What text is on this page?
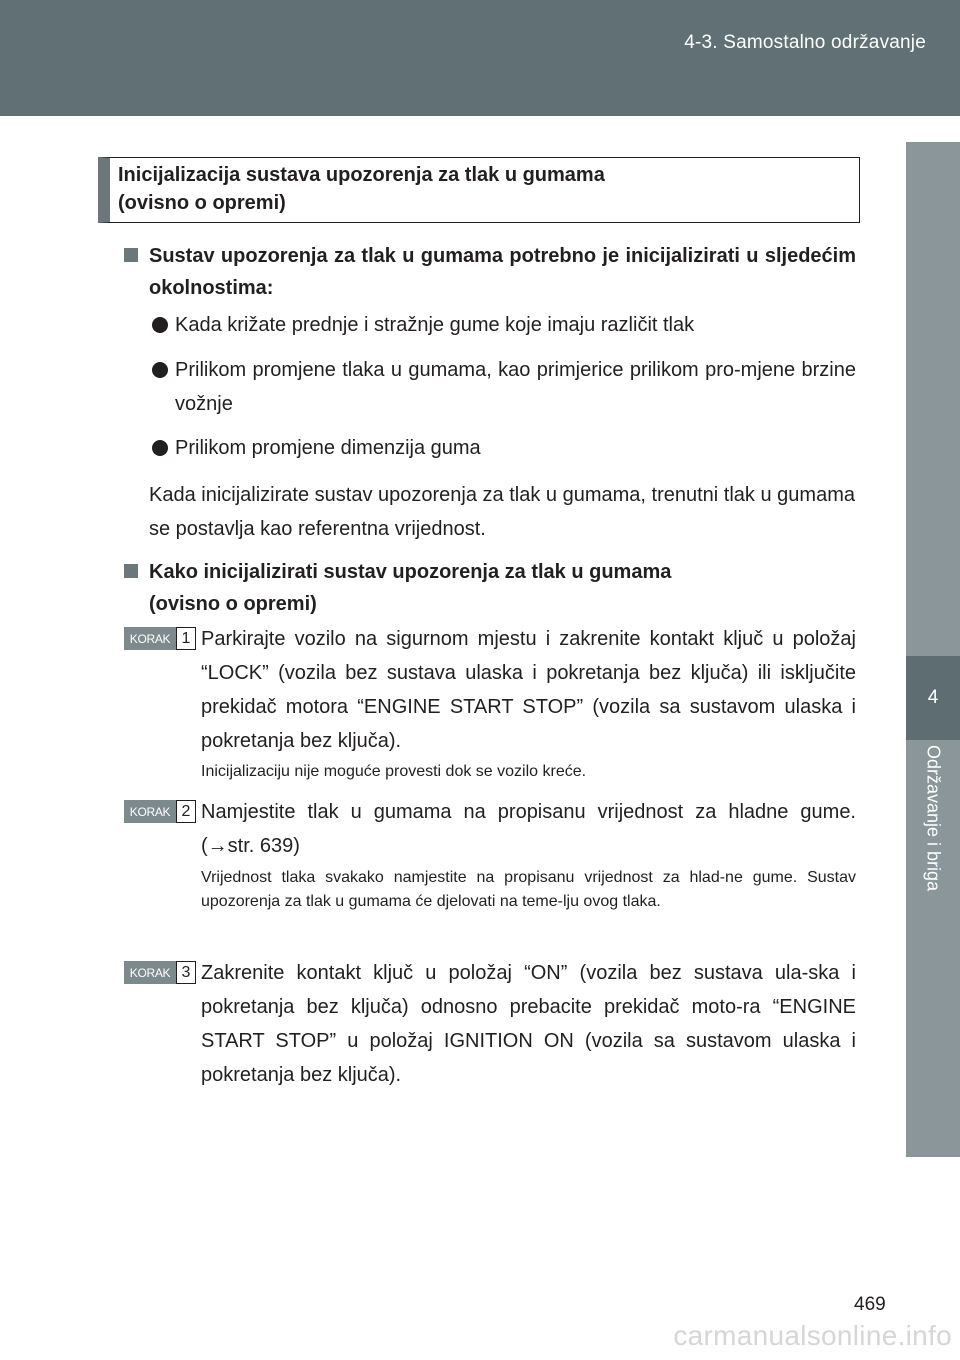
4-3. Samostalno održavanje
4
Održavanje i briga
Inicijalizacija sustava upozorenja za tlak u gumama
(ovisno o opremi)
Sustav upozorenja za tlak u gumama potrebno je inicijalizirati u sljedećim okolnostima:
Kada križate prednje i stražnje gume koje imaju različit tlak
Prilikom promjene tlaka u gumama, kao primjerice prilikom pro-mjene brzine vožnje
Prilikom promjene dimenzija guma
Kada inicijalizirate sustav upozorenja za tlak u gumama, trenutni tlak u gumama se postavlja kao referentna vrijednost.
Kako inicijalizirati sustav upozorenja za tlak u gumama
(ovisno o opremi)
KORAK 1 Parkirajte vozilo na sigurnom mjestu i zakrenite kontakt ključ u položaj “LOCK” (vozila bez sustava ulaska i pokretanja bez ključa) ili isključite prekidač motora “ENGINE START STOP” (vozila sa sustavom ulaska i pokretanja bez ključa).
Inicijalizaciju nije moguće provesti dok se vozilo kreće.
KORAK 2 Namjestite tlak u gumama na propisanu vrijednost za hladne gume. (→str. 639)
Vrijednost tlaka svakako namjestite na propisanu vrijednost za hlad-ne gume. Sustav upozorenja za tlak u gumama će djelovati na teme-lju ovog tlaka.
KORAK 3 Zakrenite kontakt ključ u položaj “ON” (vozila bez sustava ula-ska i pokretanja bez ključa) odnosno prebacite prekidač moto-ra “ENGINE START STOP” u položaj IGNITION ON (vozila sa sustavom ulaska i pokretanja bez ključa).
469
carmanualsonline.info
